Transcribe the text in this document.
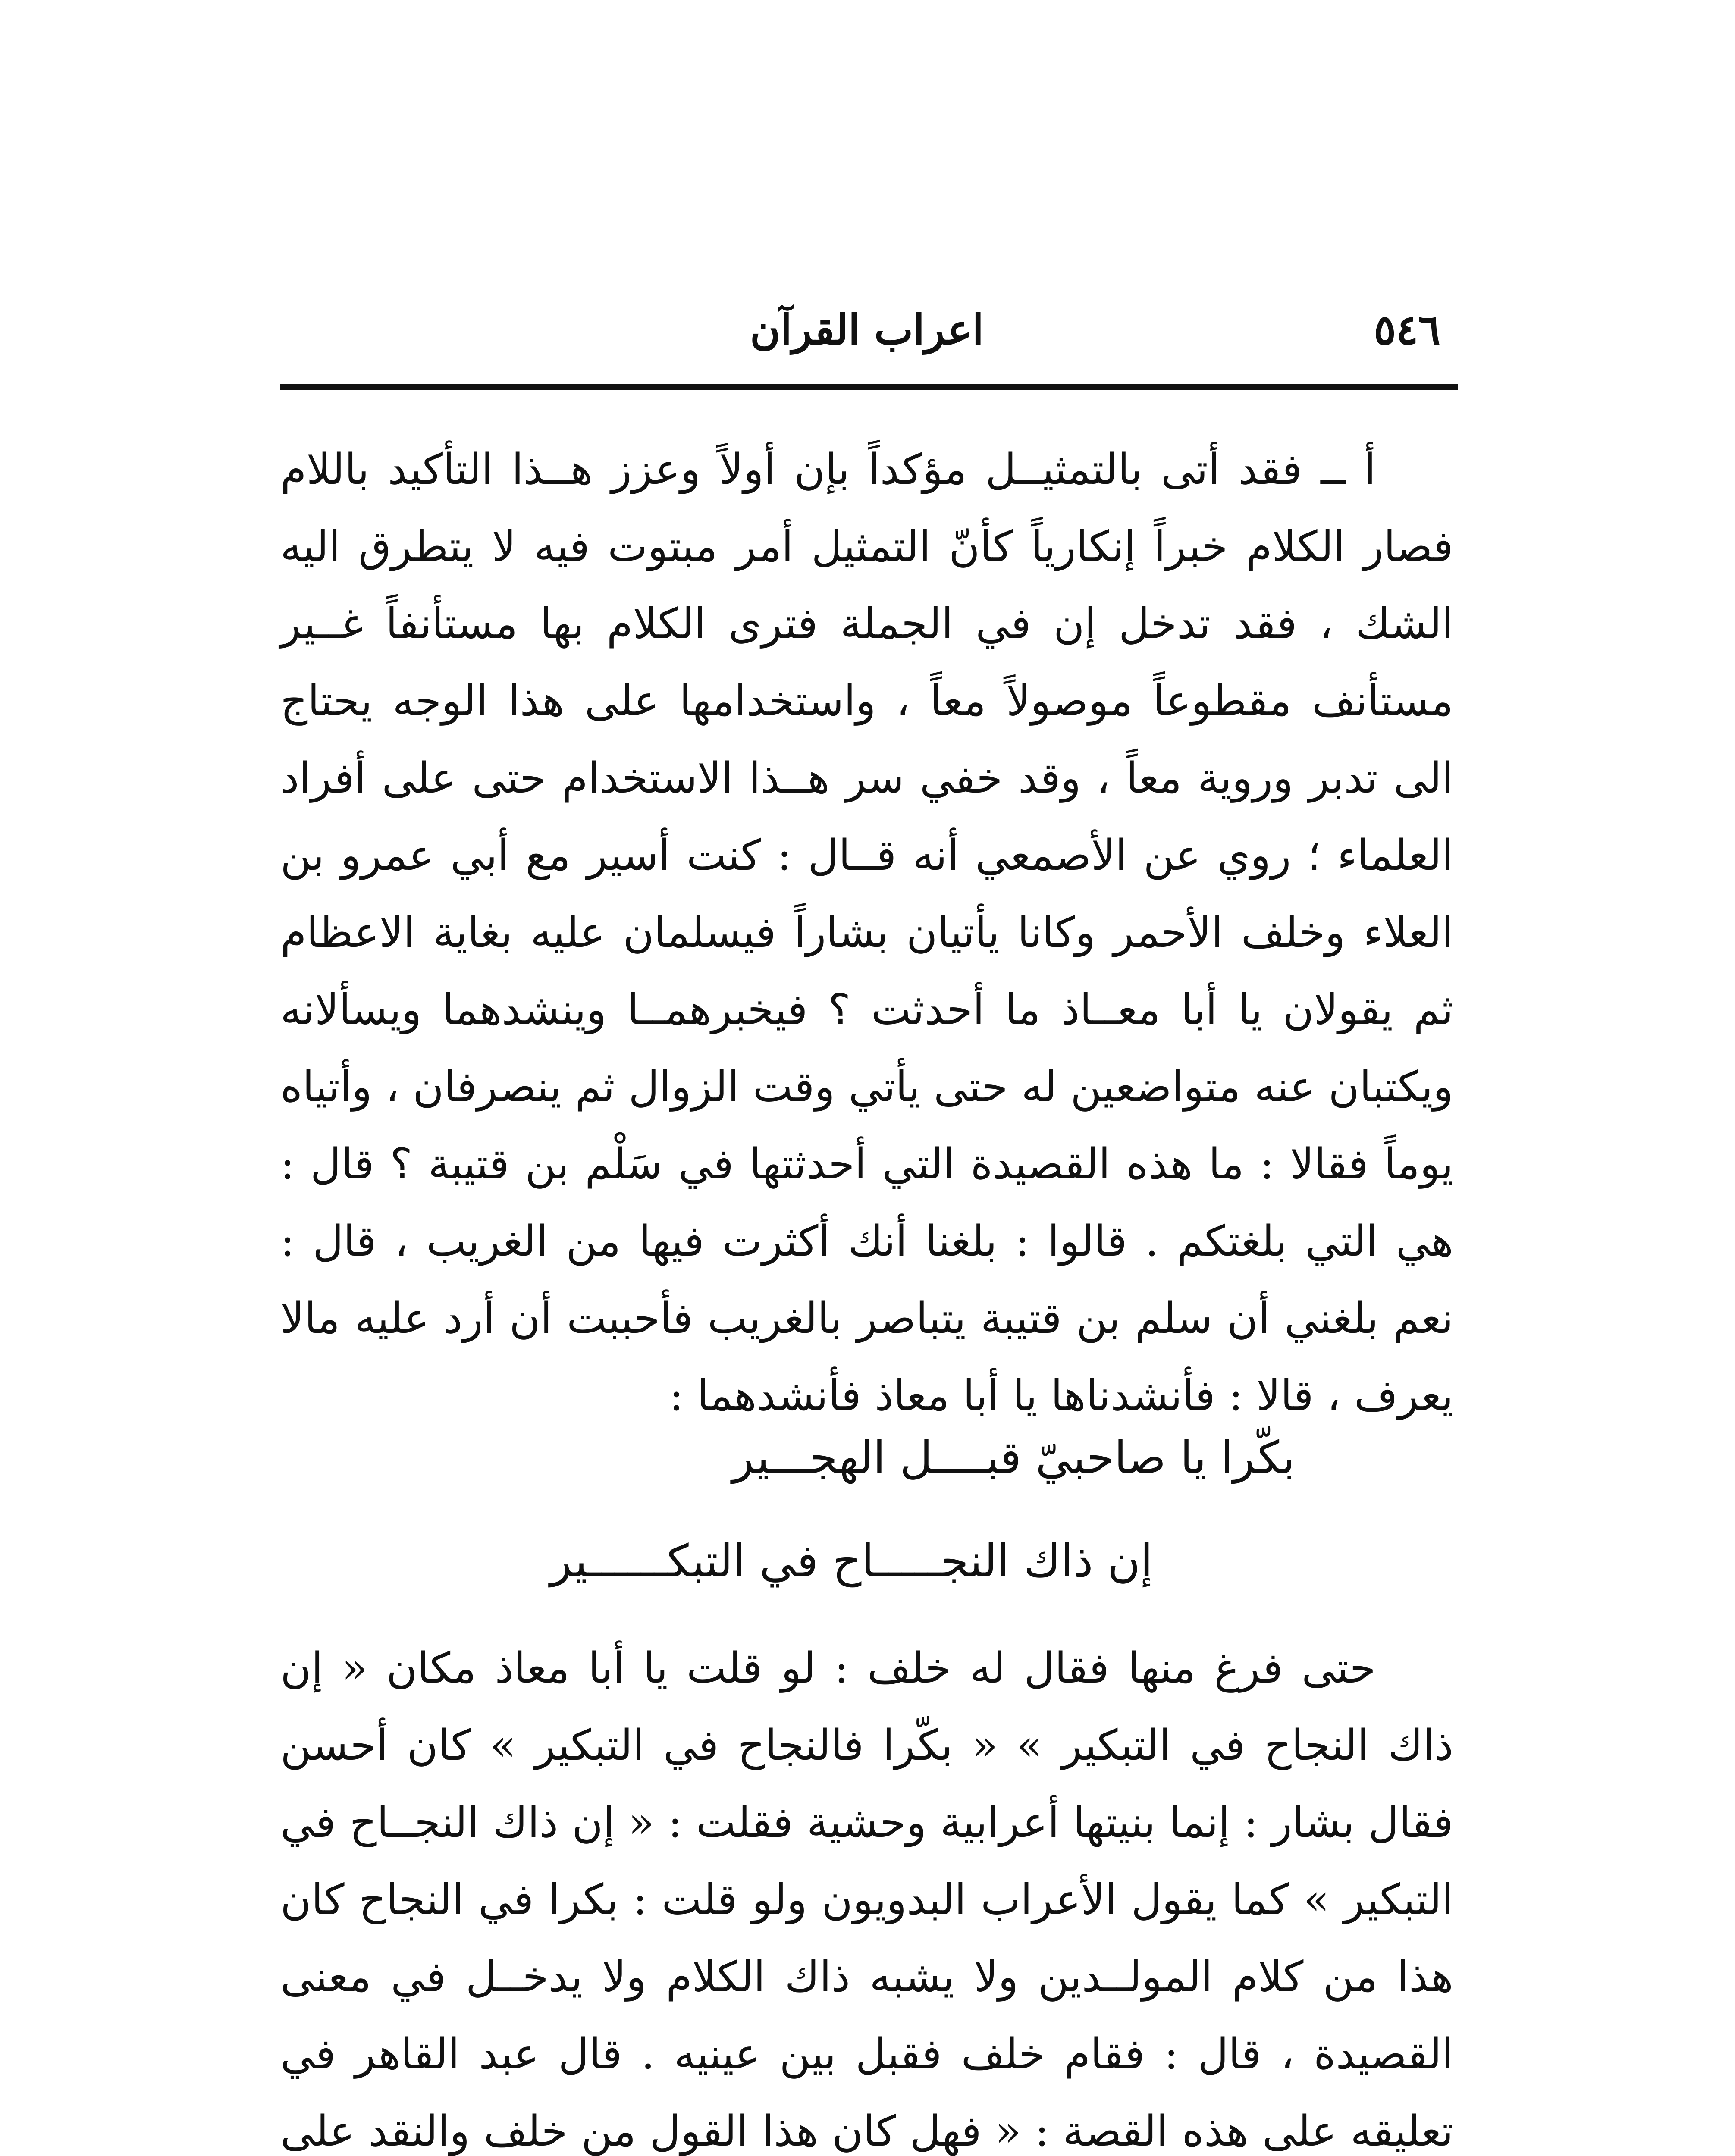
٥٤٦
اعراب القرآن

أ ــ فقد أتى بالتمثيــل مؤكداً بإن أولاً وعزز هــذا التأكيد باللام فصار الكلام خبراً إنكارياً كأنّ التمثيل أمر مبتوت فيه لا يتطرق اليه الشك ، فقد تدخل إن في الجملة فترى الكلام بها مستأنفاً غــير مستأنف مقطوعاً موصولاً معاً ، واستخدامها على هذا الوجه يحتاج الى تدبر وروية معاً ، وقد خفي سر هــذا الاستخدام حتى على أفراد العلماء ؛ روي عن الأصمعي أنه قــال : كنت أسير مع أبي عمرو بن العلاء وخلف الأحمر وكانا يأتيان بشاراً فيسلمان عليه بغاية الاعظام ثم يقولان يا أبا معــاذ ما أحدثت ؟ فيخبرهمــا وينشدهما ويسألانه ويكتبان عنه متواضعين له حتى يأتي وقت الزوال ثم ينصرفان ، وأتياه يوماً فقالا : ما هذه القصيدة التي أحدثتها في سَلْم بن قتيبة ؟ قال : هي التي بلغتكم . قالوا : بلغنا أنك أكثرت فيها من الغريب ، قال : نعم بلغني أن سلم بن قتيبة يتباصر بالغريب فأحببت أن أرد عليه مالا يعرف ، قالا : فأنشدناها يا أبا معاذ فأنشدهما :

بكّرا يا صاحبيّ قبــــل الهجـــير
إن ذاك النجـــــاح في التبكــــــير

حتى فرغ منها فقال له خلف : لو قلت يا أبا معاذ مكان « إن ذاك النجاح في التبكير » « بكّرا فالنجاح في التبكير » كان أحسن فقال بشار : إنما بنيتها أعرابية وحشية فقلت : « إن ذاك النجــاح في التبكير » كما يقول الأعراب البدويون ولو قلت : بكرا في النجاح كان هذا من كلام المولــدين ولا يشبه ذاك الكلام ولا يدخــل في معنى القصيدة ، قال : فقام خلف فقبل بين عينيه . قال عبد القاهر في تعليقه على هذه القصة : « فهل كان هذا القول من خلف والنقد على
